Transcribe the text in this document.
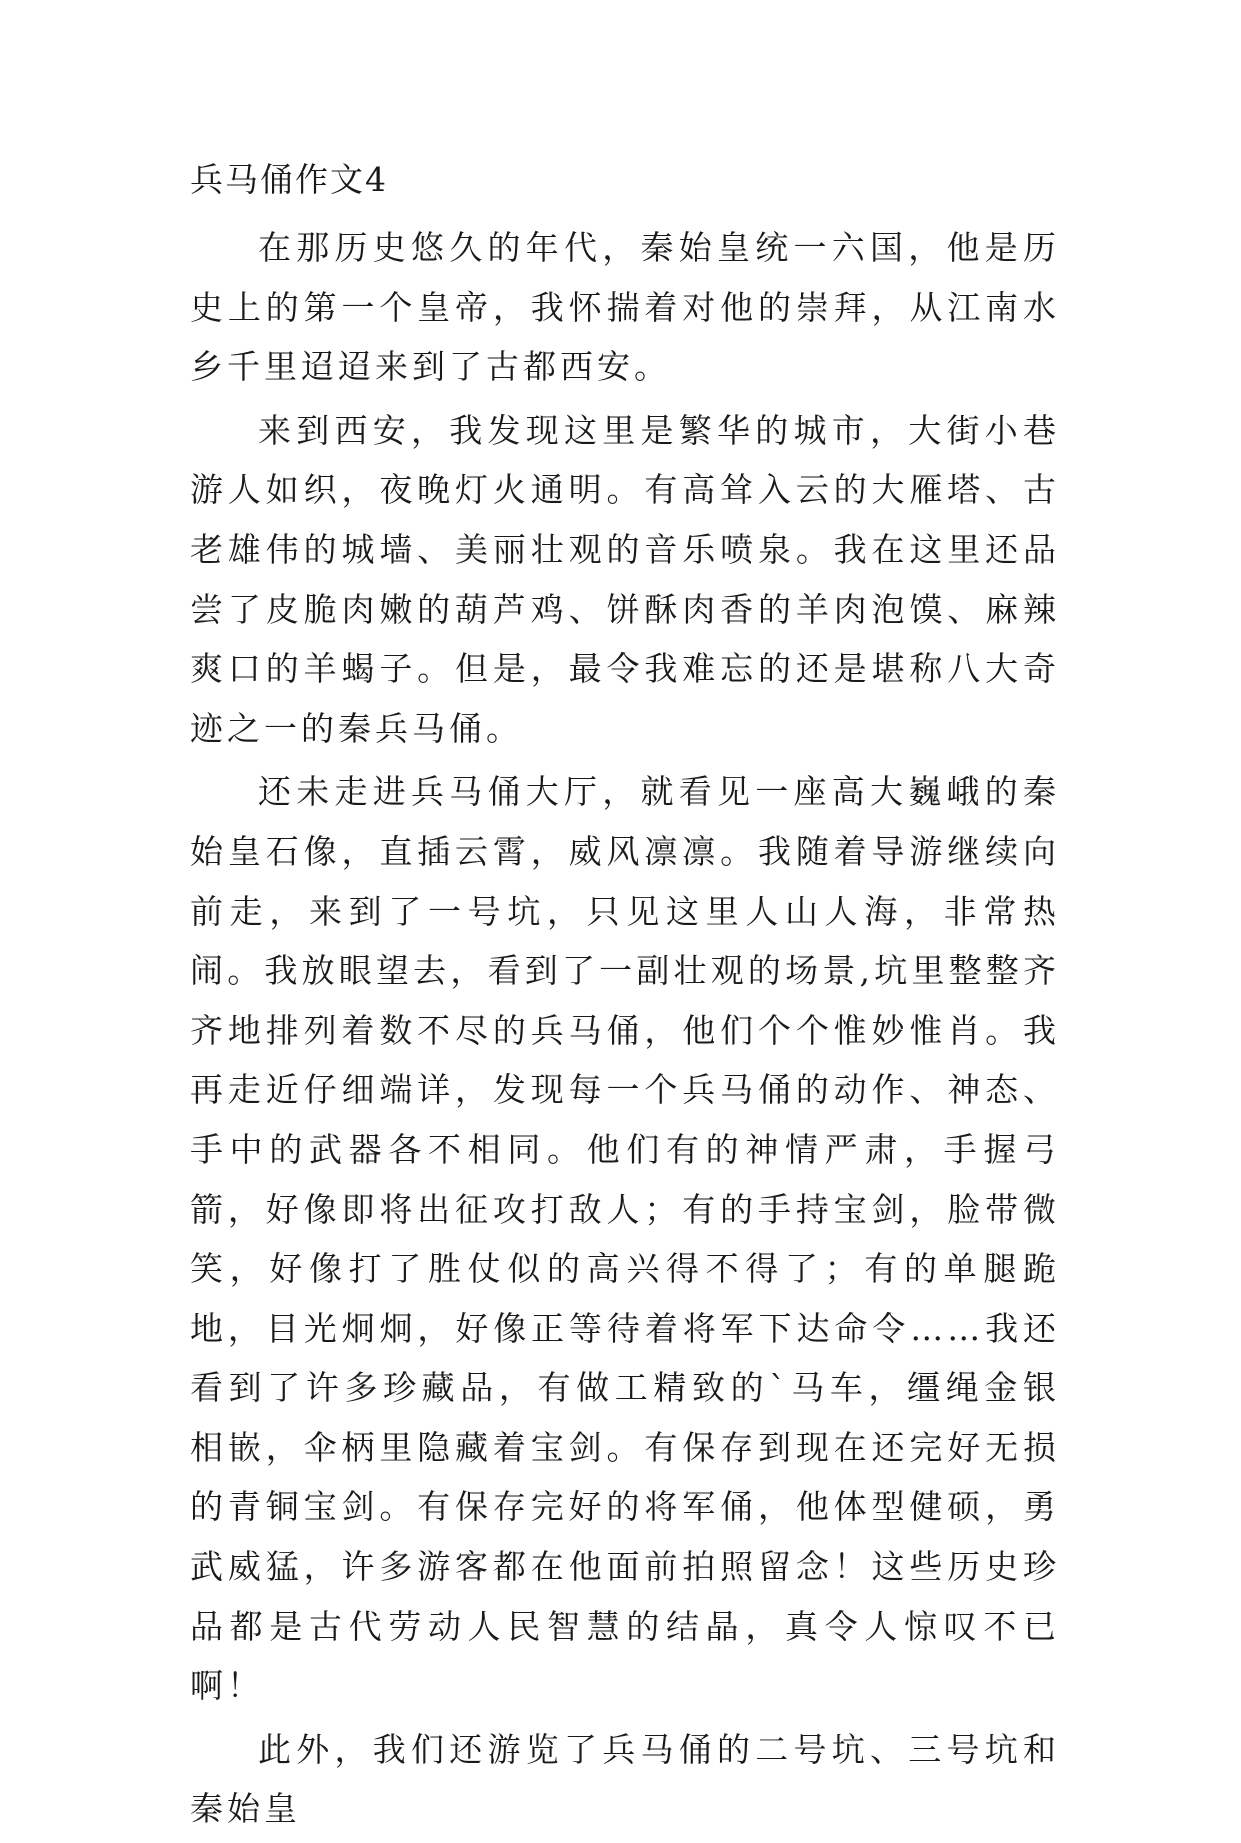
兵马俑作文4

在那历史悠久的年代，秦始皇统一六国，他是历史上的第一个皇帝，我怀揣着对他的崇拜，从江南水乡千里迢迢来到了古都西安。

来到西安，我发现这里是繁华的城市，大街小巷游人如织，夜晚灯火通明。有高耸入云的大雁塔、古老雄伟的城墙、美丽壮观的音乐喷泉。我在这里还品尝了皮脆肉嫩的葫芦鸡、饼酥肉香的羊肉泡馍、麻辣爽口的羊蝎子。但是，最令我难忘的还是堪称八大奇迹之一的秦兵马俑。

还未走进兵马俑大厅，就看见一座高大巍峨的秦始皇石像，直插云霄，威风凛凛。我随着导游继续向前走，来到了一号坑，只见这里人山人海，非常热闹。我放眼望去，看到了一副壮观的场景,坑里整整齐齐地排列着数不尽的兵马俑，他们个个惟妙惟肖。我再走近仔细端详，发现每一个兵马俑的动作、神态、手中的武器各不相同。他们有的神情严肃，手握弓箭，好像即将出征攻打敌人；有的手持宝剑，脸带微笑，好像打了胜仗似的高兴得不得了；有的单腿跪地，目光炯炯，好像正等待着将军下达命令……我还看到了许多珍藏品，有做工精致的`马车，缰绳金银相嵌，伞柄里隐藏着宝剑。有保存到现在还完好无损的青铜宝剑。有保存完好的将军俑，他体型健硕，勇武威猛，许多游客都在他面前拍照留念！这些历史珍品都是古代劳动人民智慧的结晶，真令人惊叹不已啊！

此外，我们还游览了兵马俑的二号坑、三号坑和秦始皇
